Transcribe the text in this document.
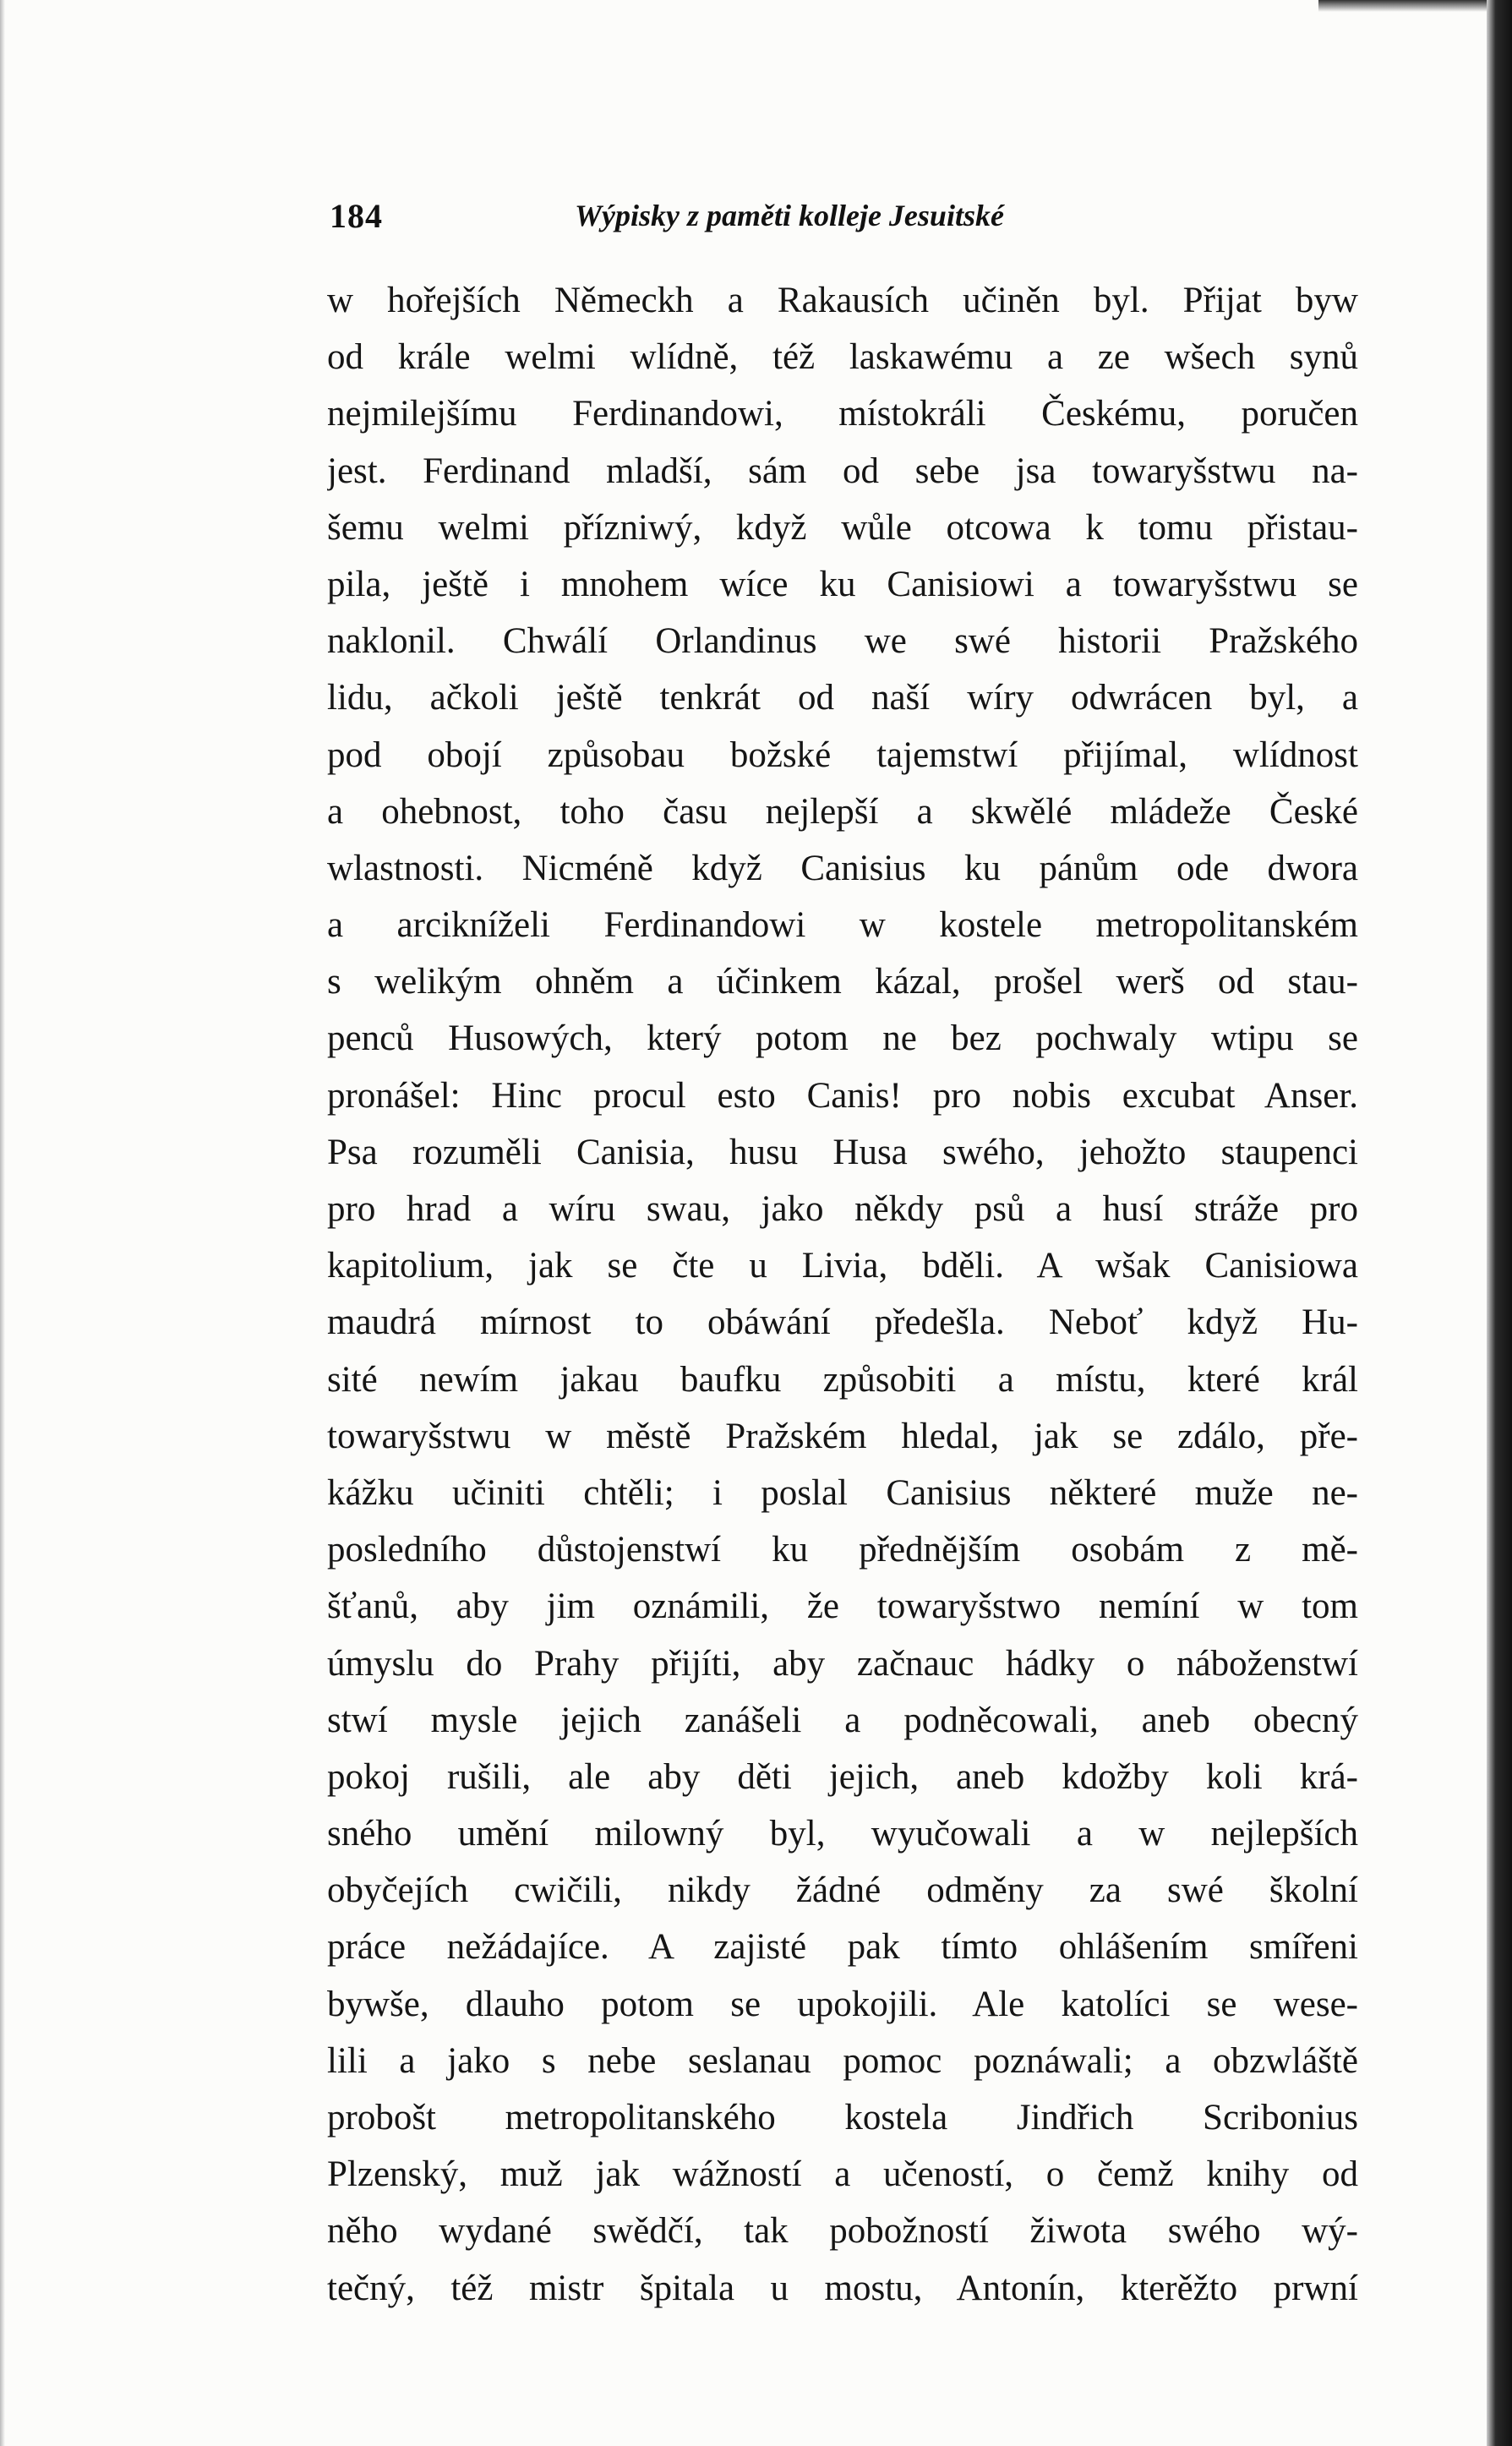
184	Wýpisky z paměti kolleje Jesuitské
w hořejších Německh a Rakausích učiněn byl. Přijat byw
od krále welmi wlídně, též laskawému a ze wšech synů
nejmilejšímu Ferdinandowi, místokráli Českému, poručen
jest. Ferdinand mladší, sám od sebe jsa towaryšstwu na-
šemu welmi přízniwý, když wůle otcowa k tomu přistau-
pila, ještě i mnohem wíce ku Canisiowi a towaryšstwu se
naklonil. Chwálí Orlandinus we swé historii Pražského
lidu, ačkoli ještě tenkrát od naší wíry odwrácen byl, a
pod obojí způsobau božské tajemstwí přijímal, wlídnost
a ohebnost, toho času nejlepší a skwělé mládeže České
wlastnosti. Nicméně když Canisius ku pánům ode dwora
a arcikníželi Ferdinandowi w kostele metropolitanském
s welikým ohněm a účinkem kázal, prošel werš od stau-
penců Husowých, který potom ne bez pochwaly wtipu se
pronášel: Hinc procul esto Canis! pro nobis excubat Anser.
Psa rozuměli Canisia, husu Husa swého, jehožto staupenci
pro hrad a wíru swau, jako někdy psů a husí stráže pro
kapitolium, jak se čte u Livia, bděli. A wšak Canisiowa
maudrá mírnost to obáwání předešla. Neboť když Hu-
sité newím jakau baufku způsobiti a místu, které král
towaryšstwu w městě Pražském hledal, jak se zdálo, pře-
kážku učiniti chtěli; i poslal Canisius některé muže ne-
posledního důstojenstwí ku přednějším osobám z mě-
šťanů, aby jim oznámili, že towaryšstwo nemíní w tom
úmyslu do Prahy přijíti, aby začnauc hádky o náboženstwí
stwí mysle jejich zanášeli a podněcowali, aneb obecný
pokoj rušili, ale aby děti jejich, aneb kdožby koli krá-
sného umění milowný byl, wyučowali a w nejlepších
obyčejích cwičili, nikdy žádné odměny za swé školní
práce nežádajíce. A zajisté pak tímto ohlášením smířeni
bywše, dlauho potom se upokojili. Ale katolíci se wese-
lili a jako s nebe seslanau pomoc poznáwali; a obzwláště
probošt metropolitanského kostela Jindřich Scribonius
Plzenský, muž jak wážností a učeností, o čemž knihy od
něho wydané swědčí, tak pobožností žiwota swého wý-
tečný, též mistr špitala u mostu, Antonín, kterěžto prwní
